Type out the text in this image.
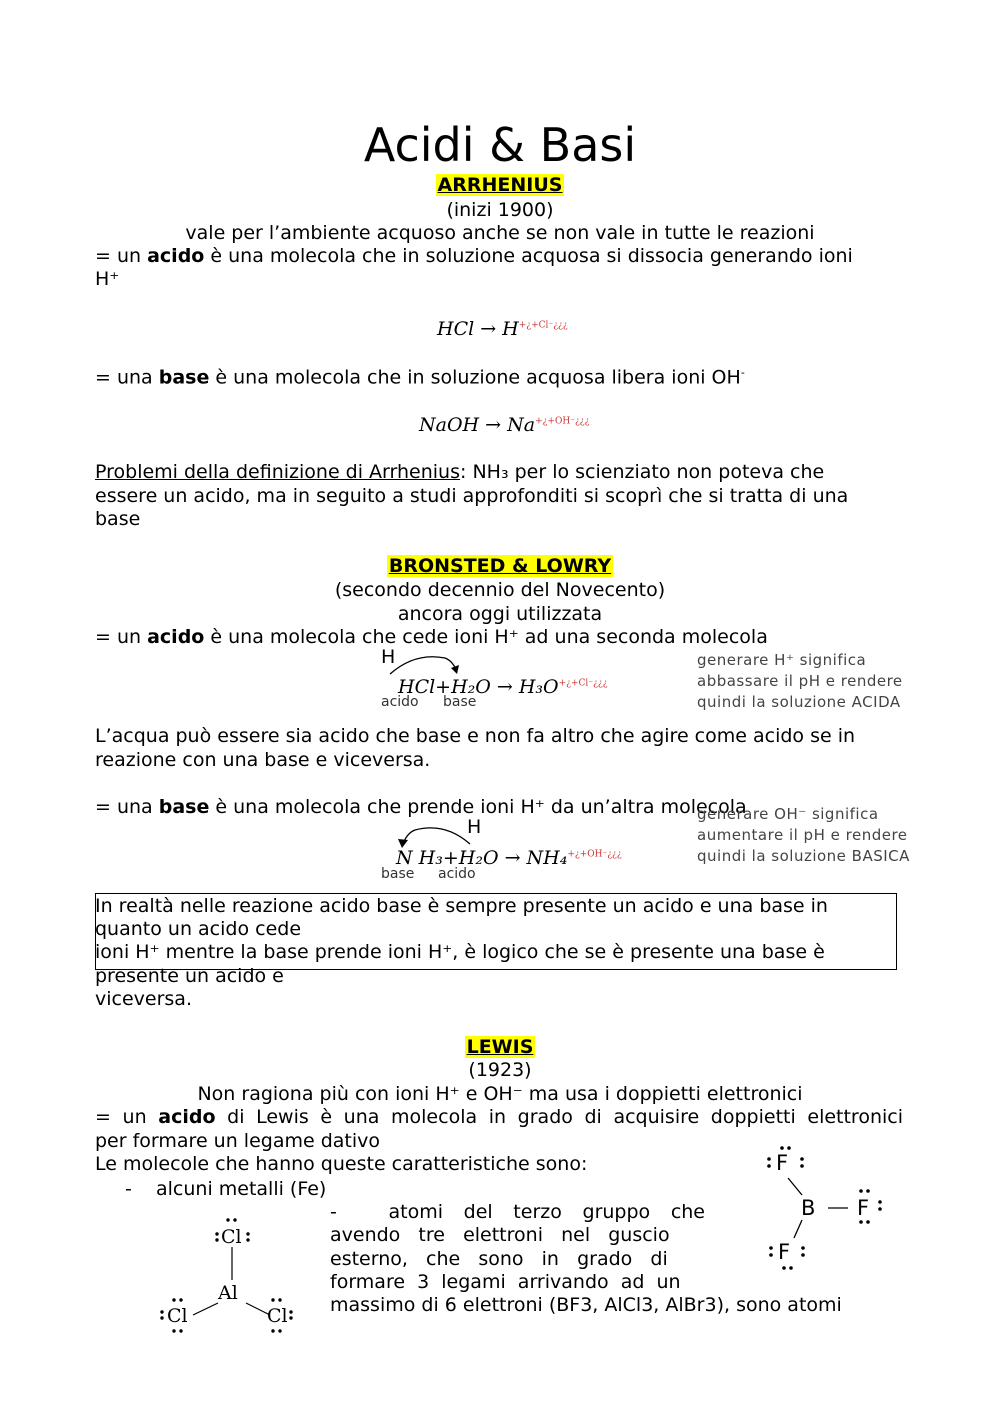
Acidi & Basi
ARRHENIUS
(inizi 1900)
vale per l’ambiente acquoso anche se non vale in tutte le reazioni
= un acido è una molecola che in soluzione acquosa si dissocia generando ioni
H⁺
HCl → $H^{+¿+Cl^-¿¿¿}$
= una base è una molecola che in soluzione acquosa libera ioni OH-
NaOH → $Na^{+¿+OH^-¿¿¿}$
Problemi della definizione di Arrhenius: NH₃ per lo scienziato non poteva che
essere un acido, ma in seguito a studi approfonditi si scoprì che si tratta di una
base
BRONSTED & LOWRY
(secondo decennio del Novecento)
ancora oggi utilizzata
= un acido è una molecola che cede ioni H⁺ ad una seconda molecola
H
$HCl+H_2O \to H_3O^{+¿+Cl^-¿¿¿}$
acido base
generare H⁺ significa
abbassare il pH e rendere
quindi la soluzione ACIDA
L’acqua può essere sia acido che base e non fa altro che agire come acido se in
reazione con una base e viceversa.
= una base è una molecola che prende ioni H⁺ da un’altra molecola
H
N H₃+H₂O → NH₄$^{+¿+OH^-¿¿¿}$
base acido
generare OH⁻ significa
aumentare il pH e rendere
quindi la soluzione BASICA
In realtà nelle reazione acido base è sempre presente un acido e una base in
quanto un acido cede
ioni H⁺ mentre la base prende ioni H⁺, è logico che se è presente una base è
presente un acido e
viceversa.
LEWIS
(1923)
Non ragiona più con ioni H⁺ e OH⁻ ma usa i doppietti elettronici
= un acido di Lewis è una molecola in grado di acquisire doppietti elettronici
per formare un legame dativo
Le molecole che hanno queste caratteristiche sono:
- alcuni metalli (Fe)
-     atomi  del  terzo  gruppo  che
avendo   tre   elettroni   nel   guscio
esterno,   che   sono   in   grado   di
formare  3  legami  arrivando  ad  un
massimo di 6 elettroni (BF3, AlCl3, AlBr3), sono atomi
Cl
Al
Cl	Cl
F
B F
F
